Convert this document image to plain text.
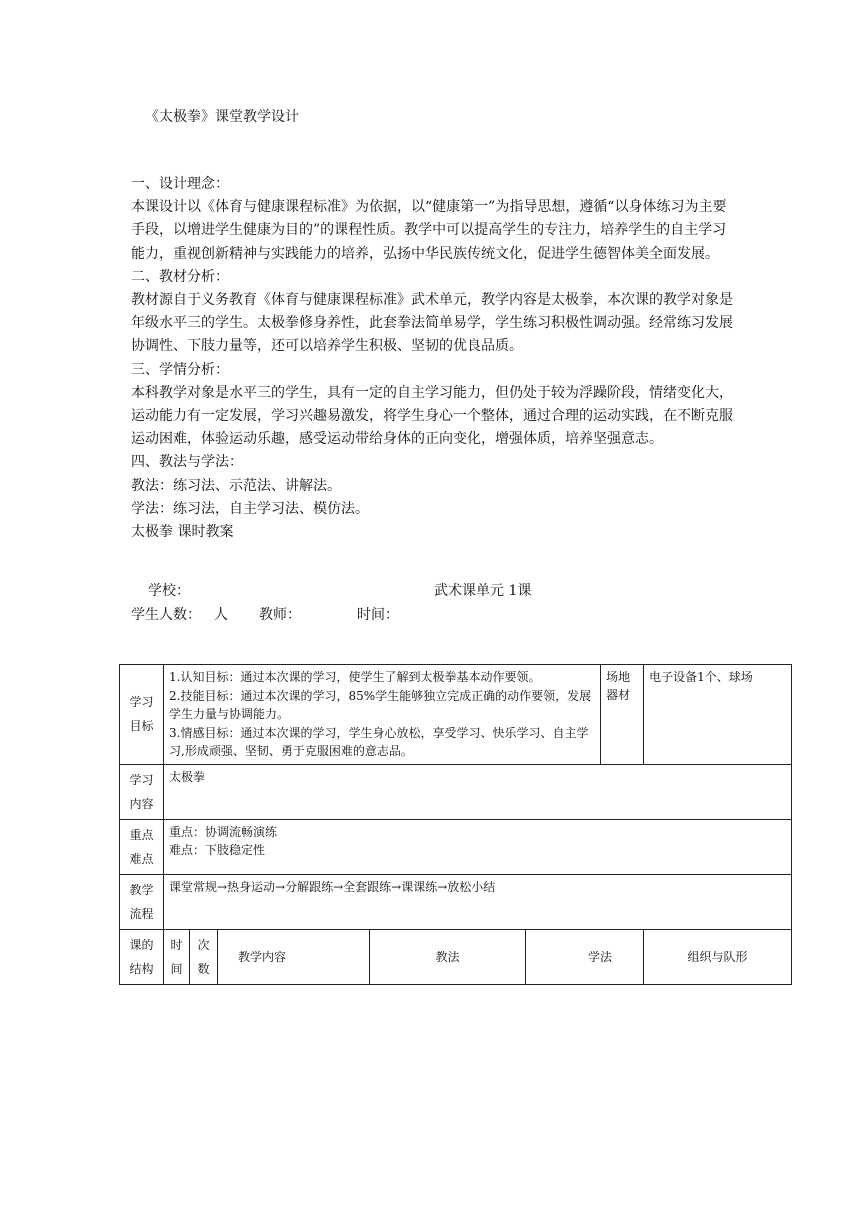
《太极拳》课堂教学设计

一、设计理念：

本课设计以《体育与健康课程标准》为依据，以“健康第一”为指导思想，遵循“以身体练习为主要手段，以增进学生健康为目的”的课程性质。教学中可以提高学生的专注力，培养学生的自主学习能力，重视创新精神与实践能力的培养，弘扬中华民族传统文化，促进学生德智体美全面发展。

二、教材分析：

教材源自于义务教育《体育与健康课程标准》武术单元，教学内容是太极拳，本次课的教学对象是年级水平三的学生。太极拳修身养性，此套拳法简单易学，学生练习积极性调动强。经常练习发展协调性、下肢力量等，还可以培养学生积极、坚韧的优良品质。

三、学情分析：

本科教学对象是水平三的学生，具有一定的自主学习能力，但仍处于较为浮躁阶段，情绪变化大，运动能力有一定发展，学习兴趣易激发，将学生身心一个整体，通过合理的运动实践，在不断克服运动困难，体验运动乐趣，感受运动带给身体的正向变化，增强体质，培养坚强意志。

四、教法与学法：

教法：练习法、示范法、讲解法。

学法：练习法，自主学习法、模仿法。

太极拳 课时教案

学校：	武术课单元 1课
学生人数： 人 教师：	时间：
学习目标	1.认知目标：通过本次课的学习，使学生了解到太极拳基本动作要领。
2.技能目标：通过本次课的学习，85%学生能够独立完成正确的动作要领，发展学生力量与协调能力。
3.情感目标：通过本次课的学习，学生身心放松，享受学习、快乐学习、自主学习,形成顽强、坚韧、勇于克服困难的意志品。					场地器材	电子设备1个、球场
学习内容	太极拳						
重点难点	重点：协调流畅演练
难点：下肢稳定性						

教学流程	课堂常规→热身运动→分解跟练→全套跟练→课课练→放松小结						
课的结构	时间	次数	教学内容	教法	学法		组织与队形
